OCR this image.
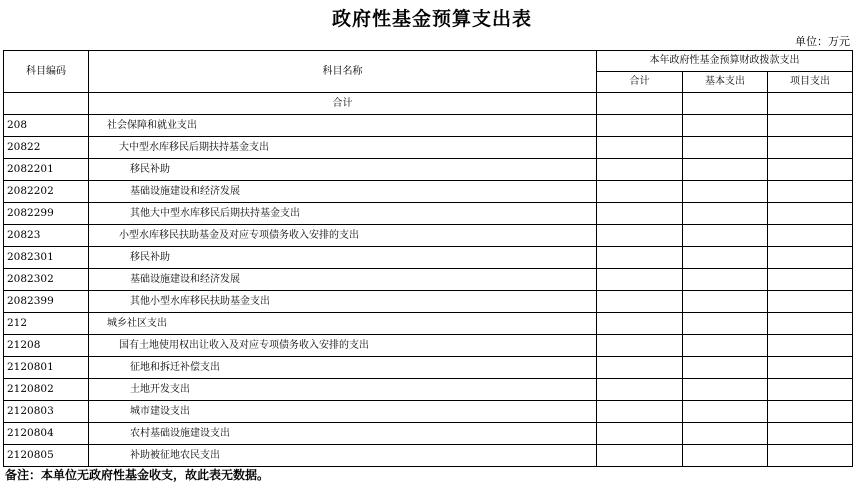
政府性基金预算支出表
单位：万元
科目编码	科目名称	本年政府性基金预算财政拨款支出		
		合计	基本支出	项目支出
	合计			
208	社会保障和就业支出			
20822	大中型水库移民后期扶持基金支出			
2082201	移民补助			
2082202	基础设施建设和经济发展			
2082299	其他大中型水库移民后期扶持基金支出			
20823	小型水库移民扶助基金及对应专项债务收入安排的支出			
2082301	移民补助			
2082302	基础设施建设和经济发展			
2082399	其他小型水库移民扶助基金支出			
212	城乡社区支出			
21208	国有土地使用权出让收入及对应专项债务收入安排的支出			
2120801	征地和拆迁补偿支出			
2120802	土地开发支出			
2120803	城市建设支出			
2120804	农村基础设施建设支出			
2120805	补助被征地农民支出			
备注：本单位无政府性基金收支，故此表无数据。
